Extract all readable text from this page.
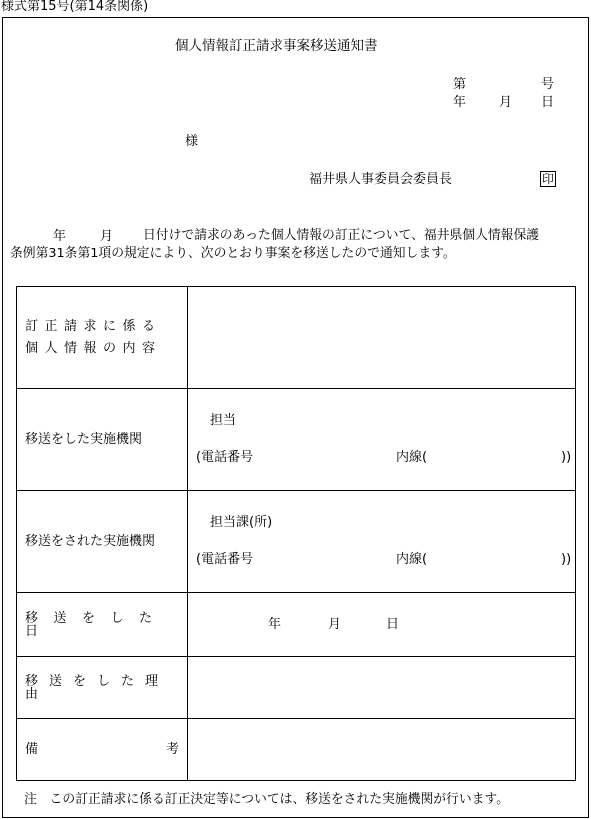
様式第15号(第14条関係)
個人情報訂正請求事案移送通知書
第	号
年	月 日
様
福井県人事委員会委員長	印
年	月 日付けで請求のあった個人情報の訂正について、福井県個人情報保護
条例第31条第1項の規定により、次のとおり事案を移送したので通知します。
訂正請求に係る
個人情報の内容	

移送をした実施機関	担当
(電話番号 内線( ))

移送をされた実施機関	担当課(所)
(電話番号 内線( ))

移送をした日	年 月 日

移送をした理由	

備 考	

注　この訂正請求に係る訂正決定等については、移送をされた実施機関が行います。
